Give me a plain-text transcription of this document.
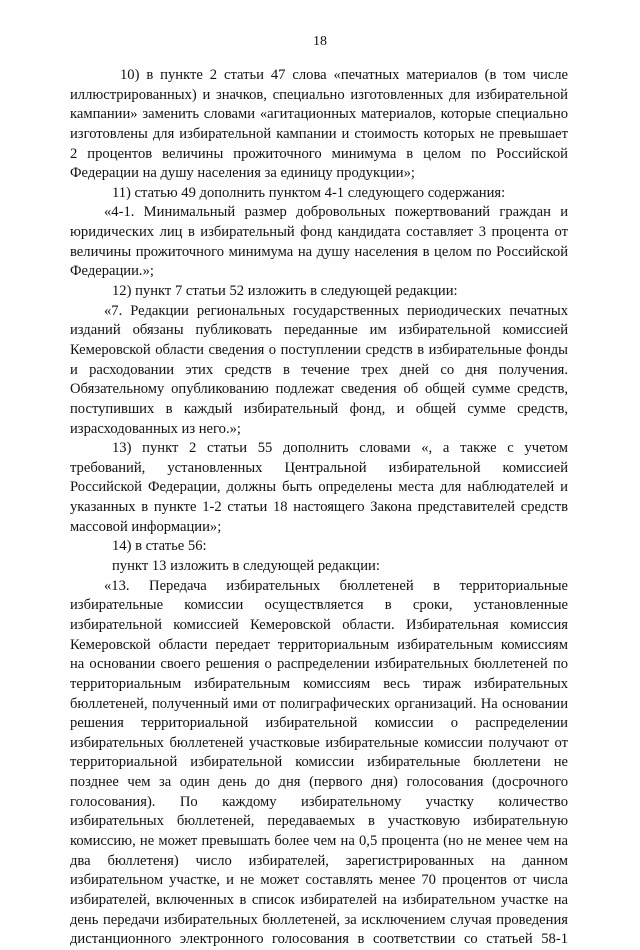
18
10) в пункте 2 статьи 47 слова «печатных материалов (в том числе
иллюстрированных) и значков, специально изготовленных для избирательной
кампании» заменить словами «агитационных материалов, которые специально
изготовлены для избирательной кампании и стоимость которых не превышает
2 процентов величины прожиточного минимума в целом по Российской
Федерации на душу населения за единицу продукции»;
11) статью 49 дополнить пунктом 4-1 следующего содержания:
«4-1. Минимальный размер добровольных пожертвований граждан и
юридических лиц в избирательный фонд кандидата составляет 3 процента от
величины прожиточного минимума на душу населения в целом по Российской
Федерации.»;
12) пункт 7 статьи 52 изложить в следующей редакции:
«7. Редакции региональных государственных периодических печатных
изданий обязаны публиковать переданные им избирательной комиссией
Кемеровской области сведения о поступлении средств в избирательные фонды
и расходовании этих средств в течение трех дней со дня получения.
Обязательному опубликованию подлежат сведения об общей сумме средств,
поступивших в каждый избирательный фонд, и общей сумме средств,
израсходованных из него.»;
13) пункт 2 статьи 55 дополнить словами «, а также с учетом
требований, установленных Центральной избирательной комиссией
Российской Федерации, должны быть определены места для наблюдателей и
указанных в пункте 1-2 статьи 18 настоящего Закона представителей средств
массовой информации»;
14) в статье 56:
пункт 13 изложить в следующей редакции:
«13. Передача избирательных бюллетеней в территориальные
избирательные комиссии осуществляется в сроки, установленные
избирательной комиссией Кемеровской области. Избирательная комиссия
Кемеровской области передает территориальным избирательным комиссиям
на основании своего решения о распределении избирательных бюллетеней по
территориальным избирательным комиссиям весь тираж избирательных
бюллетеней, полученный ими от полиграфических организаций. На основании
решения территориальной избирательной комиссии о распределении
избирательных бюллетеней участковые избирательные комиссии получают от
территориальной избирательной комиссии избирательные бюллетени не
позднее чем за один день до дня (первого дня) голосования (досрочного
голосования). По каждому избирательному участку количество
избирательных бюллетеней, передаваемых в участковую избирательную
комиссию, не может превышать более чем на 0,5 процента (но не менее чем на
два бюллетеня) число избирателей, зарегистрированных на данном
избирательном участке, и не может составлять менее 70 процентов от числа
избирателей, включенных в список избирателей на избирательном участке на
день передачи избирательных бюллетеней, за исключением случая проведения
дистанционного электронного голосования в соответствии со статьей 58-1
